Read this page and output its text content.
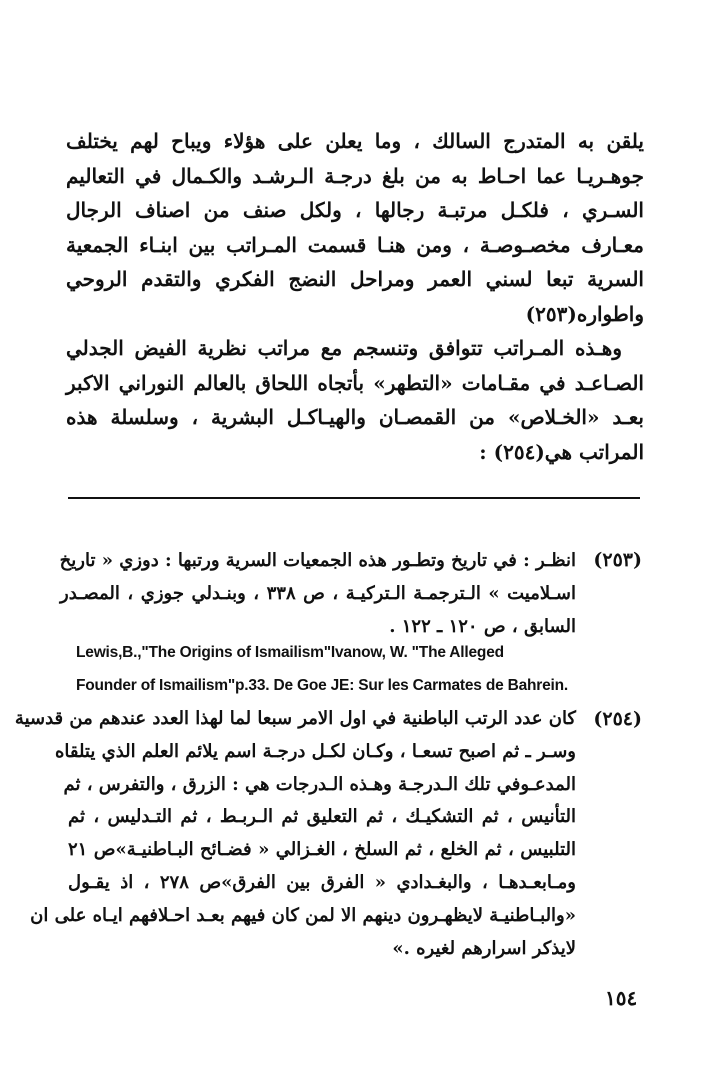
يلقن به المتدرج السالك ، وما يعلن على هؤلاء ويباح لهم يختلف
جوهـريـا عما احـاط به من بلغ درجـة الـرشـد والكـمال في التعاليم
السـري ، فلكـل مرتبـة رجالها ، ولكل صنف من اصناف الرجال
معـارف مخصـوصـة ، ومن هنـا قسمت المـراتب بين ابنـاء الجمعية
السرية تبعا لسني العمر ومراحل النضج الفكري والتقدم الروحي
واطواره(٢٥٣)
وهـذه المـراتب تتوافق وتنسجم مع مراتب نظرية الفيض الجدلي
الصـاعـد في مقـامات «التطهر» بأتجاه اللحاق بالعالم النوراني الاكبر
بعـد «الخـلاص» من القمصـان والهيـاكـل البشرية ، وسلسلة هذه
المراتب هي(٢٥٤) :
(٢٥٣)
انظـر : في تاريخ وتطـور هذه الجمعيات السرية ورتبها : دوزي « تاريخ
اسـلاميت » الـترجمـة الـتركيـة ، ص ٣٣٨ ، وبنـدلي جوزي ، المصـدر
السابق ، ص ١٢٠ ـ ١٢٢ .
Lewis,B.,"The Origins of Ismailism"Ivanow, W. "The Alleged
Founder of Ismailism"p.33. De Goe JE: Sur les Carmates de Bahrein.
(٢٥٤)
كان عدد الرتب الباطنية في اول الامر سبعا لما لهذا العدد عندهم من قدسية
وسـر ـ ثم اصبح تسعـا ، وكـان لكـل درجـة اسم يلائم العلم الذي يتلقاه
المدعـوفي تلك الـدرجـة وهـذه الـدرجات هي : الزرق ، والتفرس ، ثم
التأنيس ، ثم التشكيـك ، ثم التعليق ثم الـربـط ، ثم التـدليس ، ثم
التلبيس ، ثم الخلع ، ثم السلخ ، الغـزالي « فضـائح البـاطنيـة»ص ٢١
ومـابعـدهـا ، والبغـدادي « الفرق بين الفرق»ص ٢٧٨ ، اذ يقـول
«والبـاطنيـة لايظهـرون دينهم الا لمن كان فيهم بعـد احـلافهم ايـاه على ان
لايذكر اسرارهم لغيره .»
١٥٤
